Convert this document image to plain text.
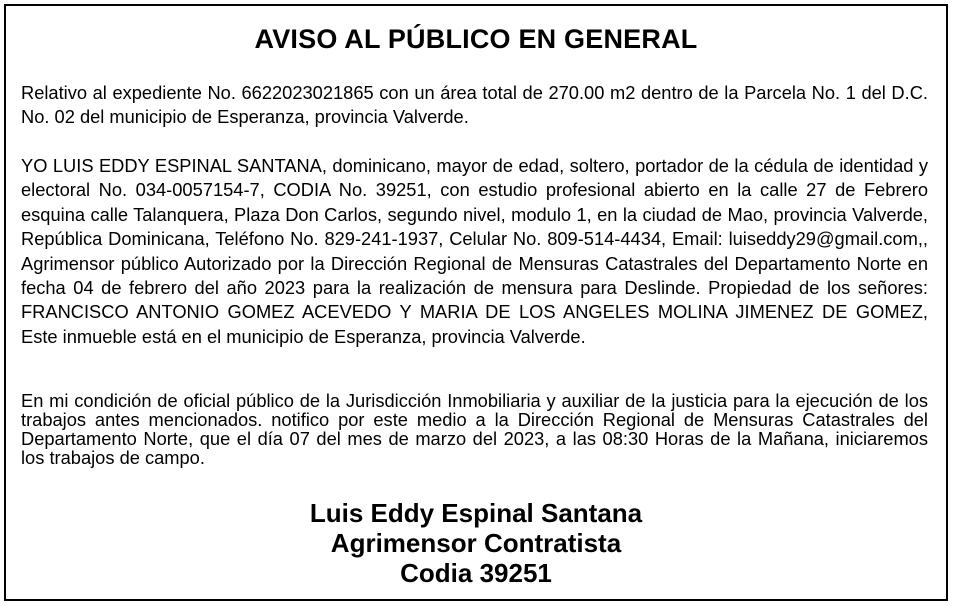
AVISO AL PÚBLICO EN GENERAL

Relativo al expediente No. 6622023021865 con un área total de 270.00 m2 dentro de la Parcela No. 1 del D.C. No. 02 del municipio de Esperanza, provincia Valverde.

YO LUIS EDDY ESPINAL SANTANA, dominicano, mayor de edad, soltero, portador de la cédula de identidad y electoral No. 034-0057154-7, CODIA No. 39251, con estudio profesional abierto en la calle 27 de Febrero esquina calle Talanquera, Plaza Don Carlos, segundo nivel, modulo 1, en la ciudad de Mao, provincia Valverde, República Dominicana, Teléfono No. 829-241-1937, Celular No. 809-514-4434, Email: luiseddy29@gmail.com,, Agrimensor público Autorizado por la Dirección Regional de Mensuras Catastrales del Departamento Norte en fecha 04 de febrero del año 2023 para la realización de mensura para Deslinde. Propiedad de los señores: FRANCISCO ANTONIO GOMEZ ACEVEDO Y MARIA DE LOS ANGELES MOLINA JIMENEZ DE GOMEZ, Este inmueble está en el municipio de Esperanza, provincia Valverde.

En mi condición de oficial público de la Jurisdicción Inmobiliaria y auxiliar de la justicia para la ejecución de los trabajos antes mencionados. notifico por este medio a la Dirección Regional de Mensuras Catastrales del Departamento Norte, que el día 07 del mes de marzo del 2023, a las 08:30 Horas de la Mañana, iniciaremos los trabajos de campo.

Luis Eddy Espinal Santana
Agrimensor Contratista
Codia 39251
